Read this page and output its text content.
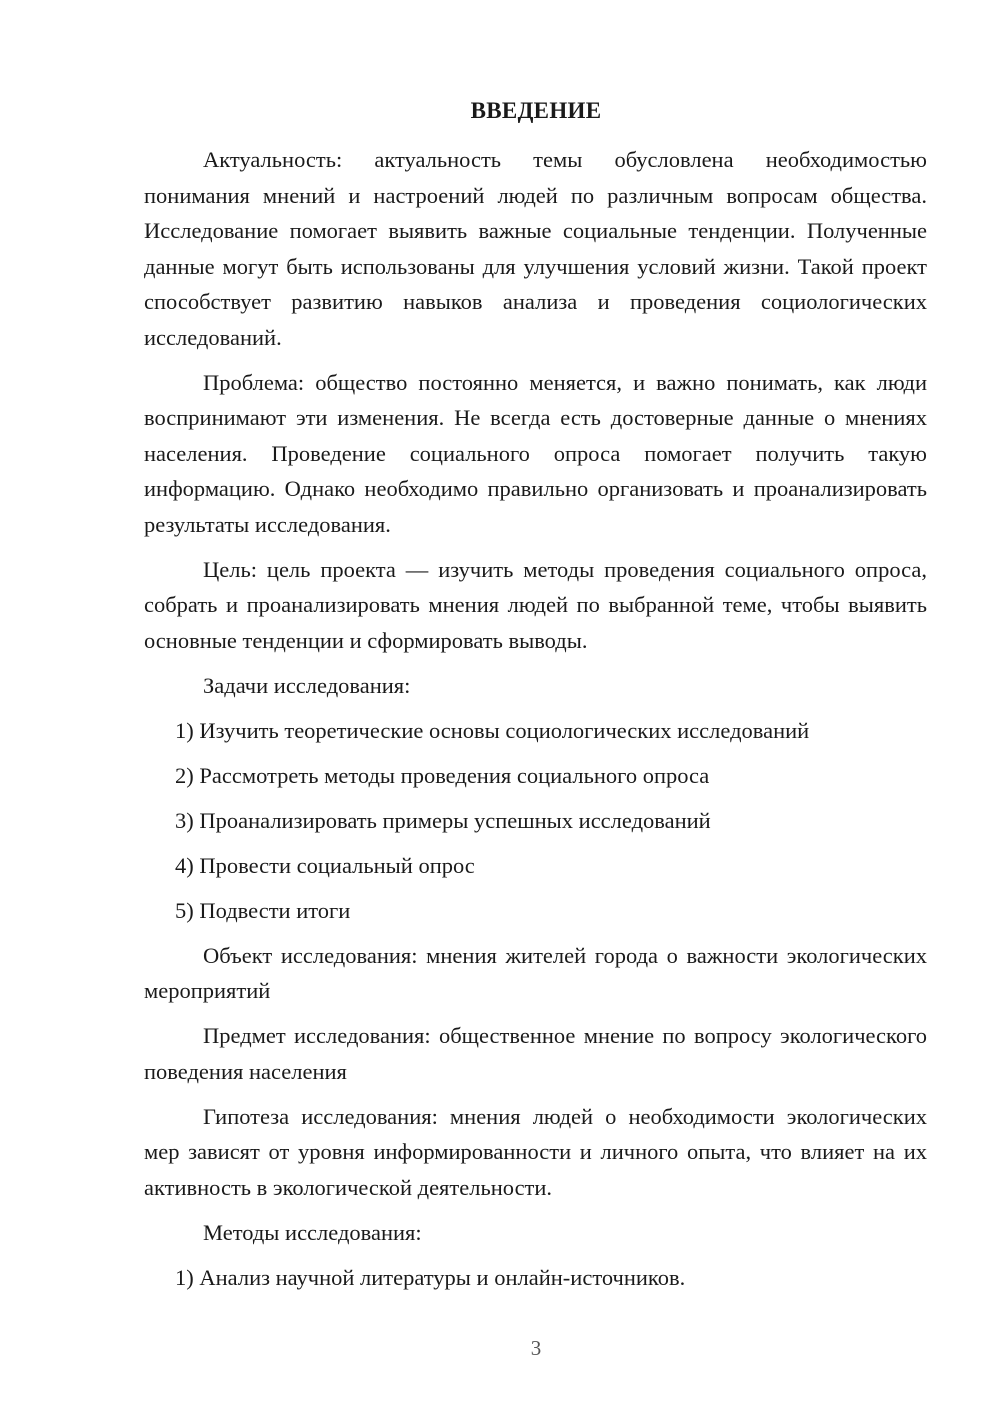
ВВЕДЕНИЕ

Актуальность: актуальность темы обусловлена необходимостью понимания мнений и настроений людей по различным вопросам общества. Исследование помогает выявить важные социальные тенденции. Полученные данные могут быть использованы для улучшения условий жизни. Такой проект способствует развитию навыков анализа и проведения социологических исследований.

Проблема: общество постоянно меняется, и важно понимать, как люди воспринимают эти изменения. Не всегда есть достоверные данные о мнениях населения. Проведение социального опроса помогает получить такую информацию. Однако необходимо правильно организовать и проанализировать результаты исследования.

Цель: цель проекта — изучить методы проведения социального опроса, собрать и проанализировать мнения людей по выбранной теме, чтобы выявить основные тенденции и сформировать выводы.

Задачи исследования:

1) Изучить теоретические основы социологических исследований

2) Рассмотреть методы проведения социального опроса

3) Проанализировать примеры успешных исследований

4) Провести социальный опрос

5) Подвести итоги

Объект исследования: мнения жителей города о важности экологических мероприятий

Предмет исследования: общественное мнение по вопросу экологического поведения населения

Гипотеза исследования: мнения людей о необходимости экологических мер зависят от уровня информированности и личного опыта, что влияет на их активность в экологической деятельности.

Методы исследования:

1) Анализ научной литературы и онлайн-источников.

3
